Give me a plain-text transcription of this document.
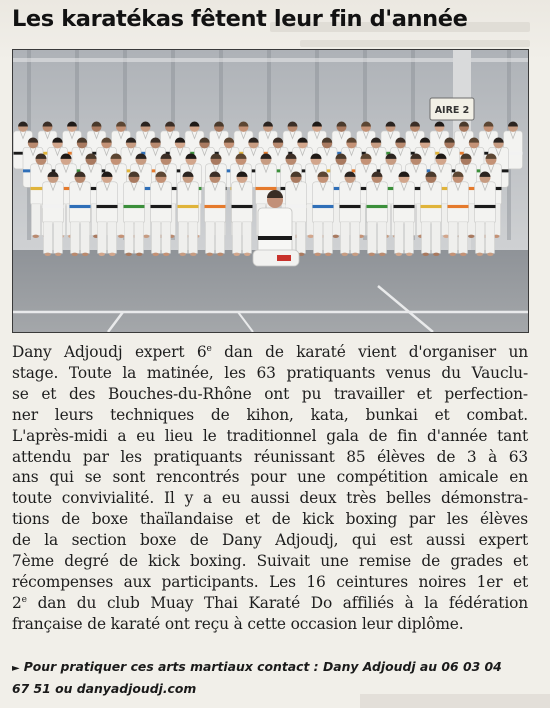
Les karatékas fêtent leur fin d'année
AIRE 2
Dany Adjoudj expert 6e dan de karaté vient d'organiser un
stage. Toute la matinée, les 63 pratiquants venus du Vauclu-
se et des Bouches-du-Rhône ont pu travailler et perfection-
ner leurs techniques de kihon, kata, bunkai et combat.
L'après-midi a eu lieu le traditionnel gala de fin d'année tant
attendu par les pratiquants réunissant 85 élèves de 3 à 63
ans qui se sont rencontrés pour une compétition amicale en
toute convivialité. Il y a eu aussi deux très belles démonstra-
tions de boxe thaïlandaise et de kick boxing par les élèves
de la section boxe de Dany Adjoudj, qui est aussi expert
7ème degré de kick boxing. Suivait une remise de grades et
récompenses aux participants. Les 16 ceintures noires 1er et
2e dan du club Muay Thai Karaté Do affiliés à la fédération
française de karaté ont reçu à cette occasion leur diplôme.
► Pour pratiquer ces arts martiaux contact : Dany Adjoudj au 06 03 04
67 51 ou danyadjoudj.com
